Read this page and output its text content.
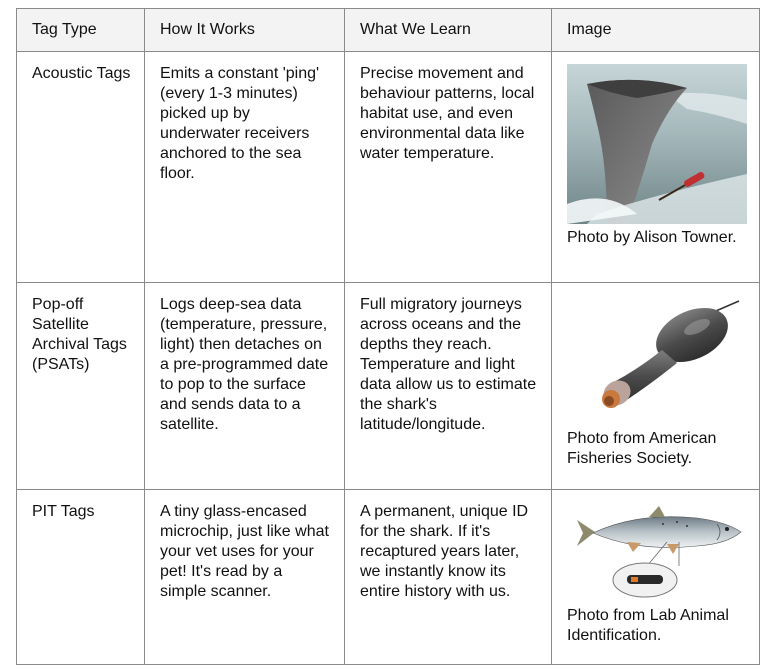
Tag Type	How It Works	What We Learn	Image
Acoustic Tags	Emits a constant 'ping' (every 1-3 minutes) picked up by underwater receivers anchored to the sea floor.	Precise movement and behaviour patterns, local habitat use, and even environmental data like water temperature.	Photo by Alison Towner.

Pop-off Satellite Archival Tags (PSATs)	Logs deep-sea data (temperature, pressure, light) then detaches on a pre-programmed date to pop to the surface and sends data to a satellite.	Full migratory journeys across oceans and the depths they reach. Temperature and light data allow us to estimate the shark's latitude/longitude.	Photo from American Fisheries Society.

PIT Tags	A tiny glass-encased microchip, just like what your vet uses for your pet! It's read by a simple scanner.	A permanent, unique ID for the shark. If it's recaptured years later, we instantly know its entire history with us.	Photo from Lab Animal Identification.
